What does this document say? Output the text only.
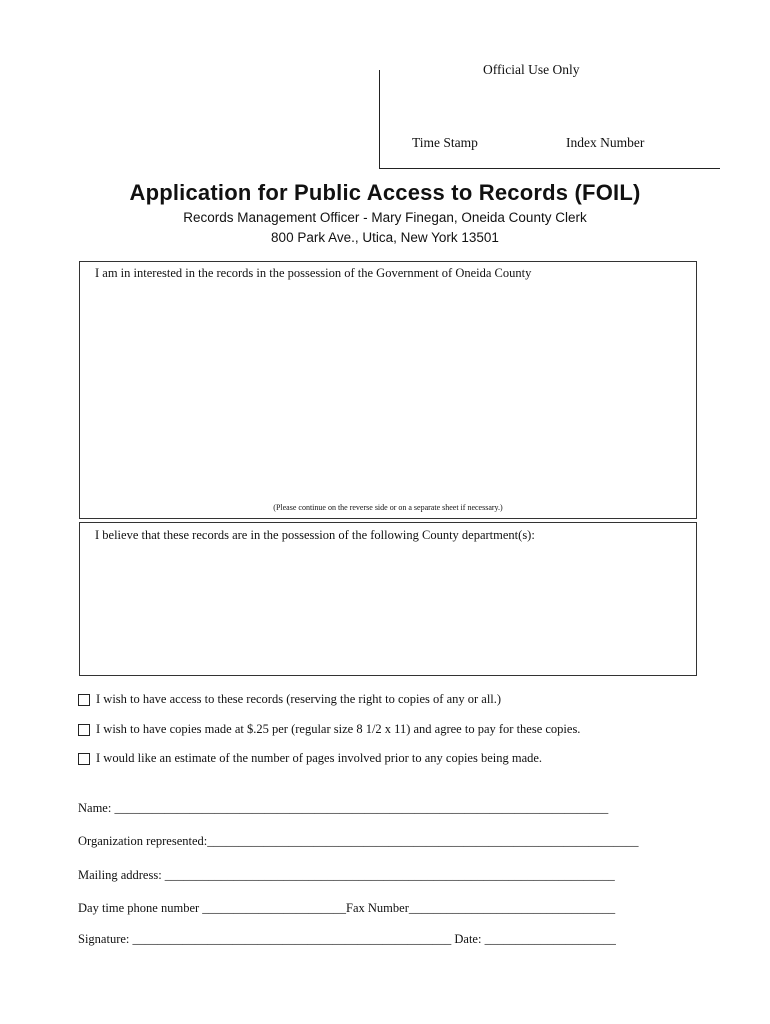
Official Use Only
Time Stamp	Index Number
Application for Public Access to Records (FOIL)
Records Management Officer - Mary Finegan, Oneida County Clerk
800 Park Ave., Utica, New York 13501
I am in interested in the records in the possession of the Government of Oneida County
(Please continue on the reverse side or on a separate sheet if necessary.)
I believe that these records are in the possession of the following County department(s):
I wish to have access to these records (reserving the right to copies of any or all.)
I wish to have copies made at $.25 per (regular size 8 1/2 x 11) and agree to pay for these copies.
I would like an estimate of the number of pages involved prior to any copies being made.
Name: _______________________________________________________________________________
Organization represented:_____________________________________________________________________
Mailing address: ________________________________________________________________________
Day time phone number _______________________Fax Number_________________________________
Signature: ___________________________________________________ Date: _____________________
